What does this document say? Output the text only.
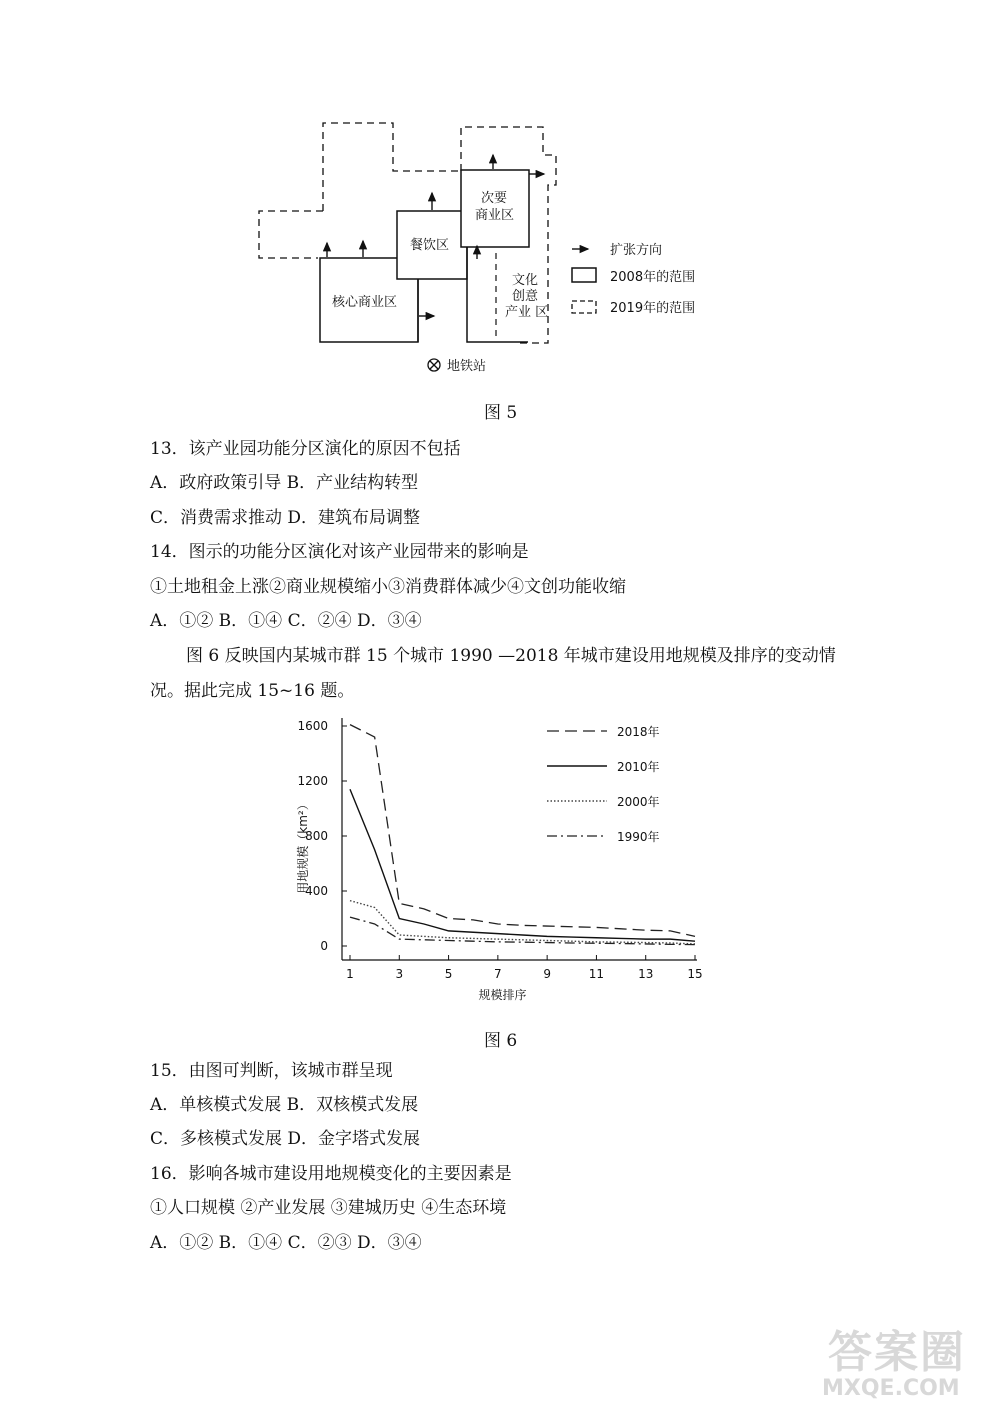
核心商业区
餐饮区
次要
商业区
文化
创意
产业 区
地铁站
扩张方向
2008年的范围
2019年的范围
图 5
13．该产业园功能分区演化的原因不包括
A．政府政策引导 B．产业结构转型
C．消费需求推动 D．建筑布局调整
14．图示的功能分区演化对该产业园带来的影响是
①土地租金上涨②商业规模缩小③消费群体减少④文创功能收缩
A．①② B．①④ C．②④ D．③④
图 6 反映国内某城市群 15 个城市 1990 —2018 年城市建设用地规模及排序的变动情
况。据此完成 15~16 题。
0
400
800
1200
1600
1	3	5	7	9	11	13	15
规模排序
用地规模（km²）
2018年
2010年
2000年
1990年
图 6
15．由图可判断，该城市群呈现
A．单核模式发展 B．双核模式发展
C．多核模式发展 D．金字塔式发展
16．影响各城市建设用地规模变化的主要因素是
①人口规模 ②产业发展 ③建城历史 ④生态环境
A．①② B．①④ C．②③ D．③④
答案圈
MXQE.COM
